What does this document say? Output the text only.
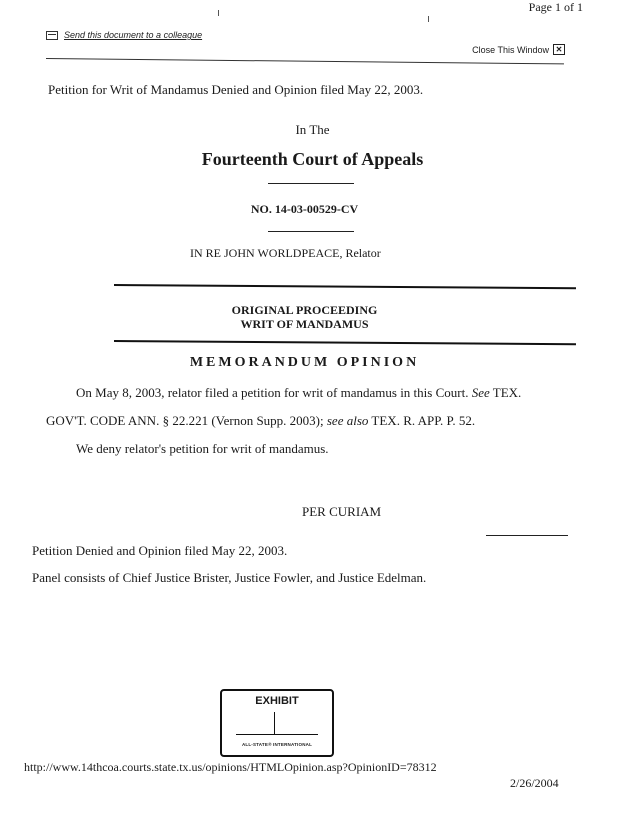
Page 1 of 1
Send this document to a colleague
Close This Window ✕
Petition for Writ of Mandamus Denied and Opinion filed May 22, 2003.
In The
Fourteenth Court of Appeals
NO. 14-03-00529-CV
IN RE JOHN WORLDPEACE, Relator
ORIGINAL PROCEEDING
WRIT OF MANDAMUS
MEMORANDUM OPINION
On May 8, 2003, relator filed a petition for writ of mandamus in this Court. See TEX.
GOV'T. CODE ANN. § 22.221 (Vernon Supp. 2003); see also TEX. R. APP. P. 52.
We deny relator's petition for writ of mandamus.
PER CURIAM
Petition Denied and Opinion filed May 22, 2003.
Panel consists of Chief Justice Brister, Justice Fowler, and Justice Edelman.
EXHIBIT
ALL-STATE® INTERNATIONAL
http://www.14thcoa.courts.state.tx.us/opinions/HTMLOpinion.asp?OpinionID=78312
2/26/2004
